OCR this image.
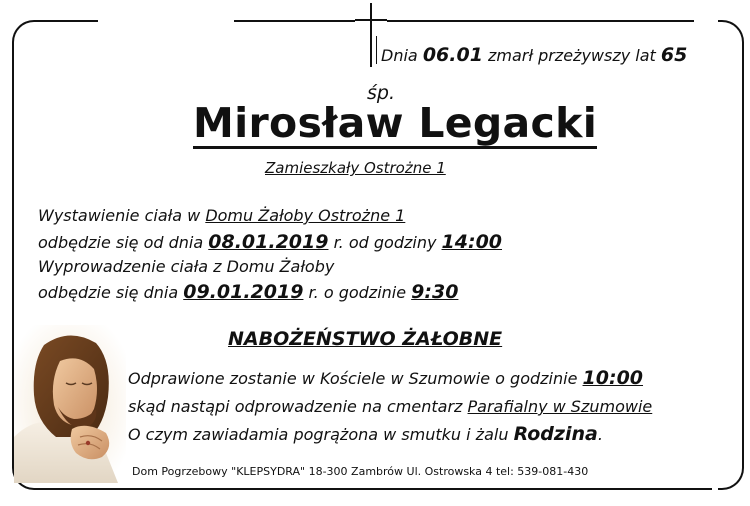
Dnia 06.01 zmarł przeżywszy lat 65
śp.
Mirosław Legacki
Zamieszkały Ostrożne 1
Wystawienie ciała w Domu Żałoby Ostrożne 1
odbędzie się od dnia 08.01.2019 r. od godziny 14:00
Wyprowadzenie ciała z Domu Żałoby
odbędzie się dnia 09.01.2019 r. o godzinie 9:30
NABOŻEŃSTWO ŻAŁOBNE
Odprawione zostanie w Kościele w Szumowie o godzinie 10:00
skąd nastąpi odprowadzenie na cmentarz Parafialny w Szumowie
O czym zawiadamia pogrążona w smutku i żalu Rodzina.
Dom Pogrzebowy "KLEPSYDRA" 18-300 Zambrów Ul. Ostrowska 4 tel: 539-081-430
